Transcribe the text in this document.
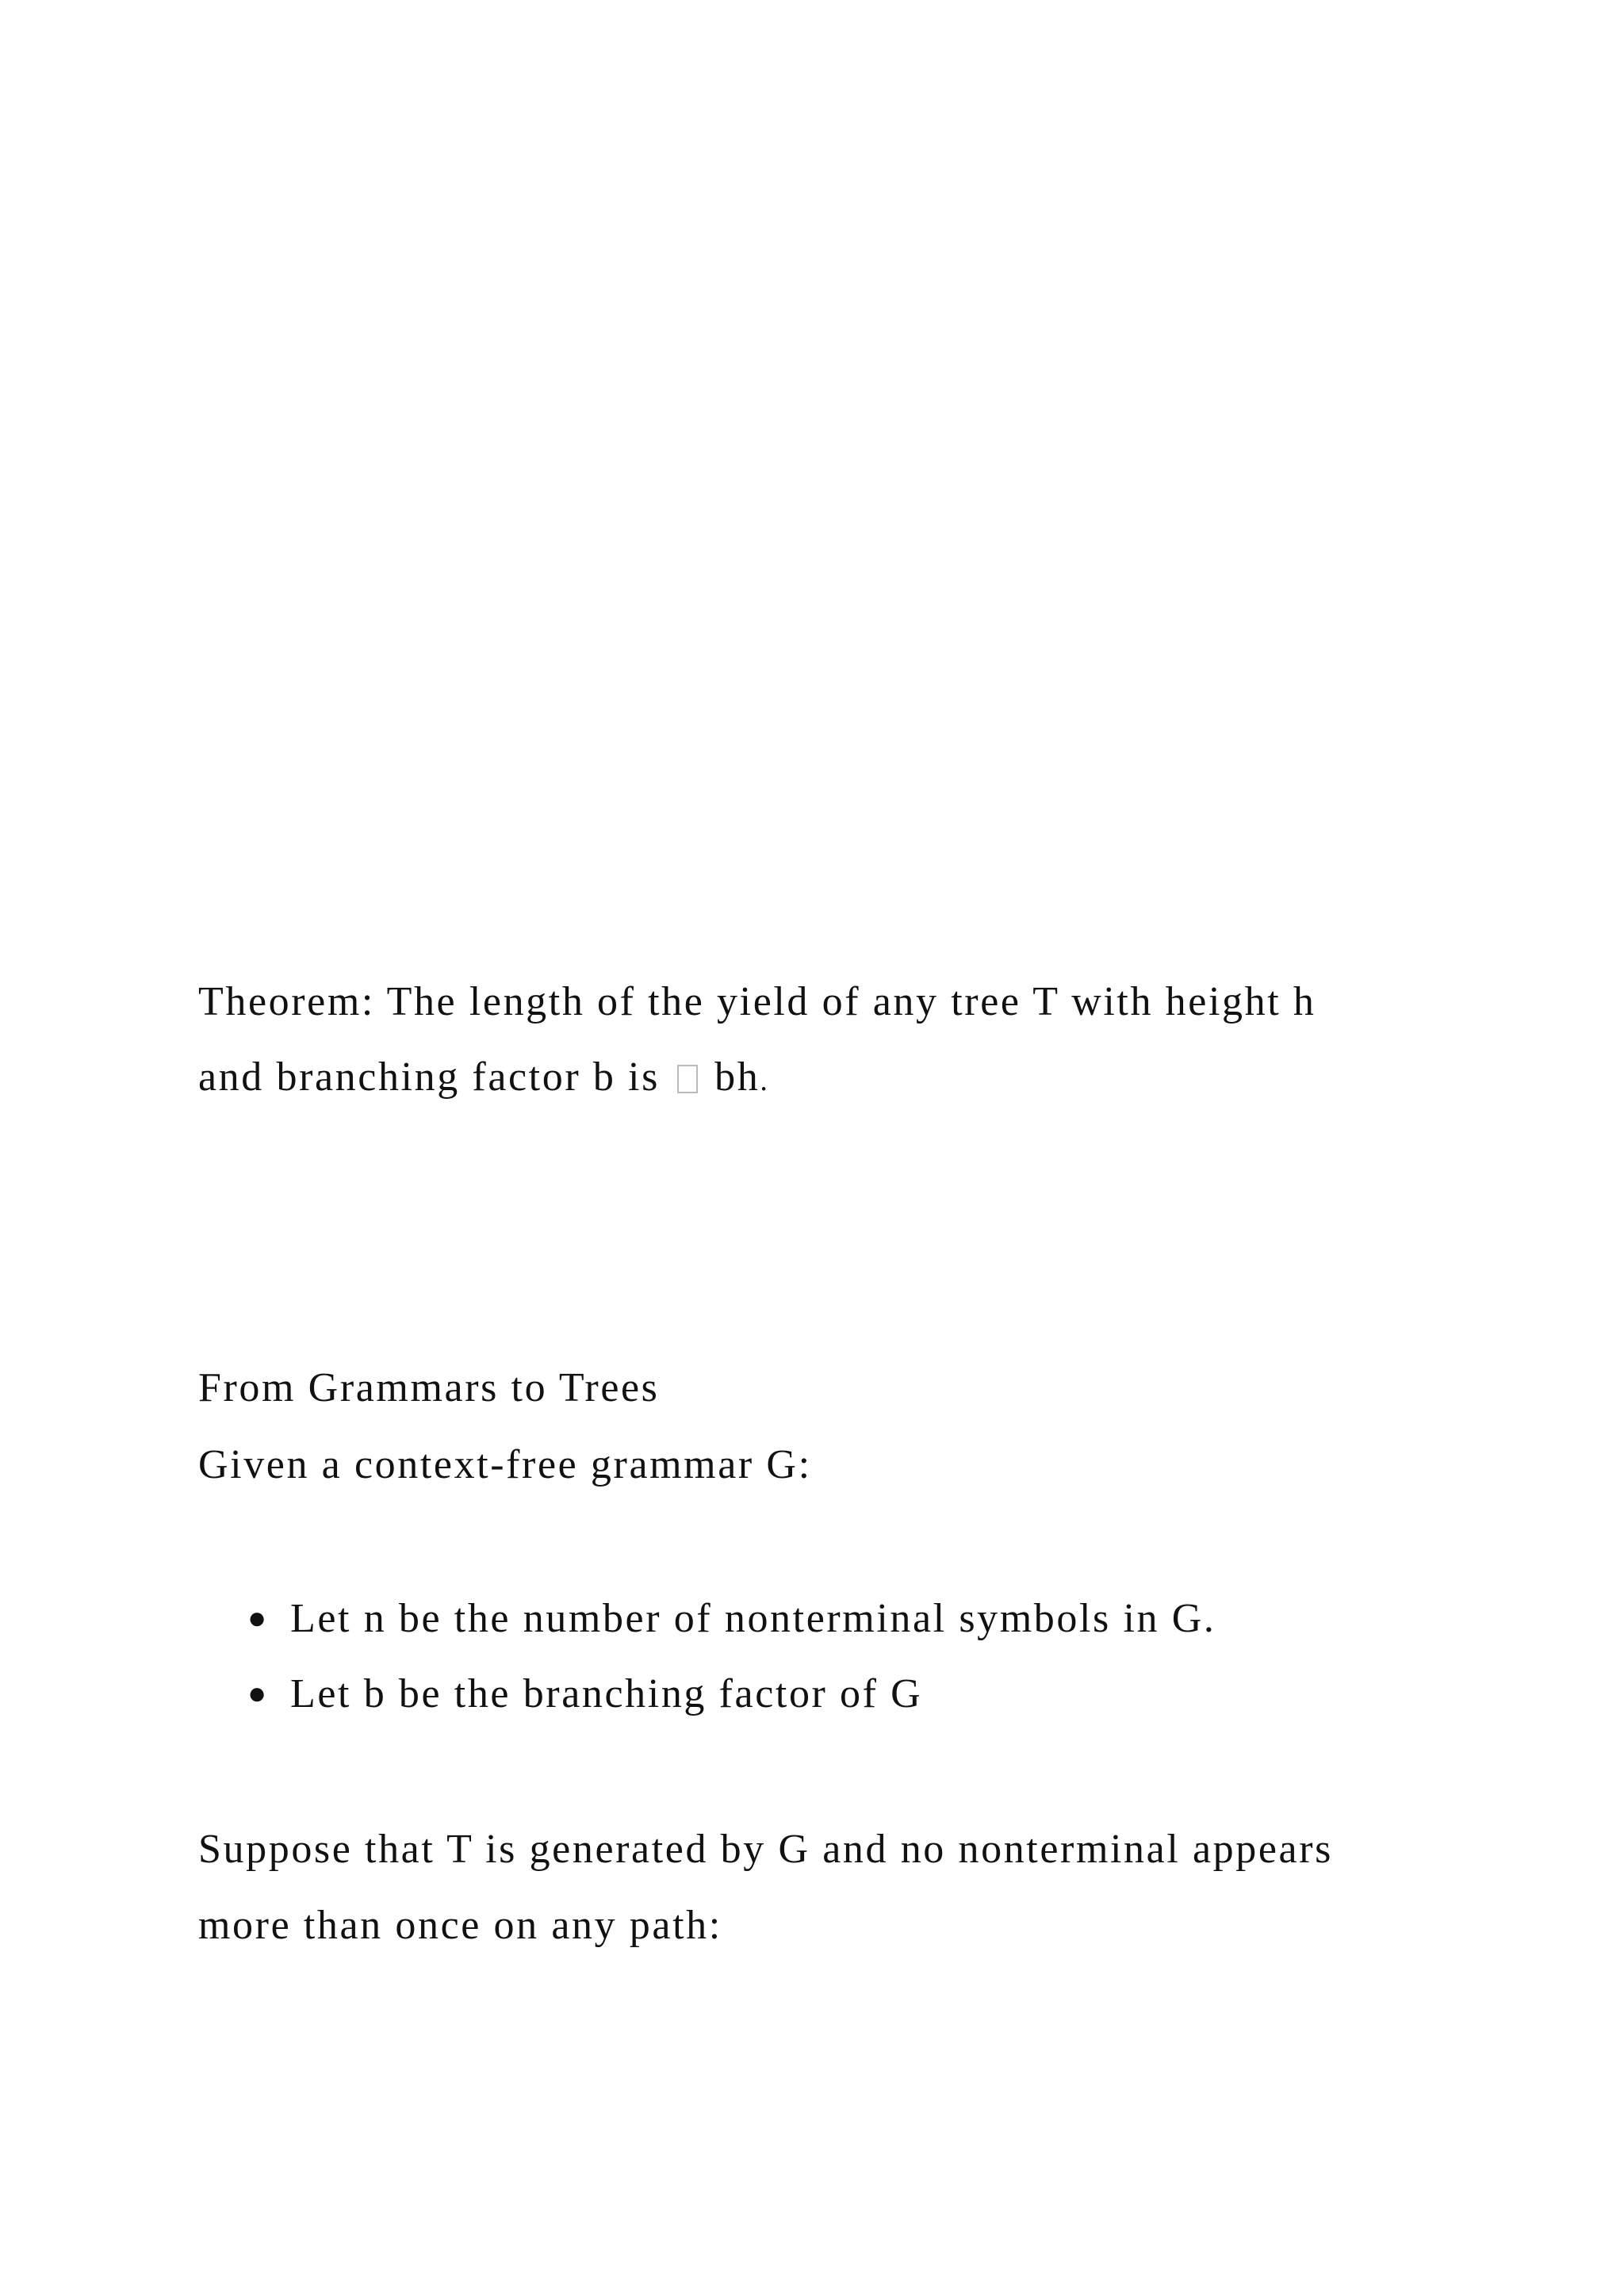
Theorem: The length of the yield of any tree T with height h
and branching factor b is bh.
From Grammars to Trees
Given a context-free grammar G:
● Let n be the number of nonterminal symbols in G.
● Let b be the branching factor of G
Suppose that T is generated by G and no nonterminal appears
more than once on any path:
